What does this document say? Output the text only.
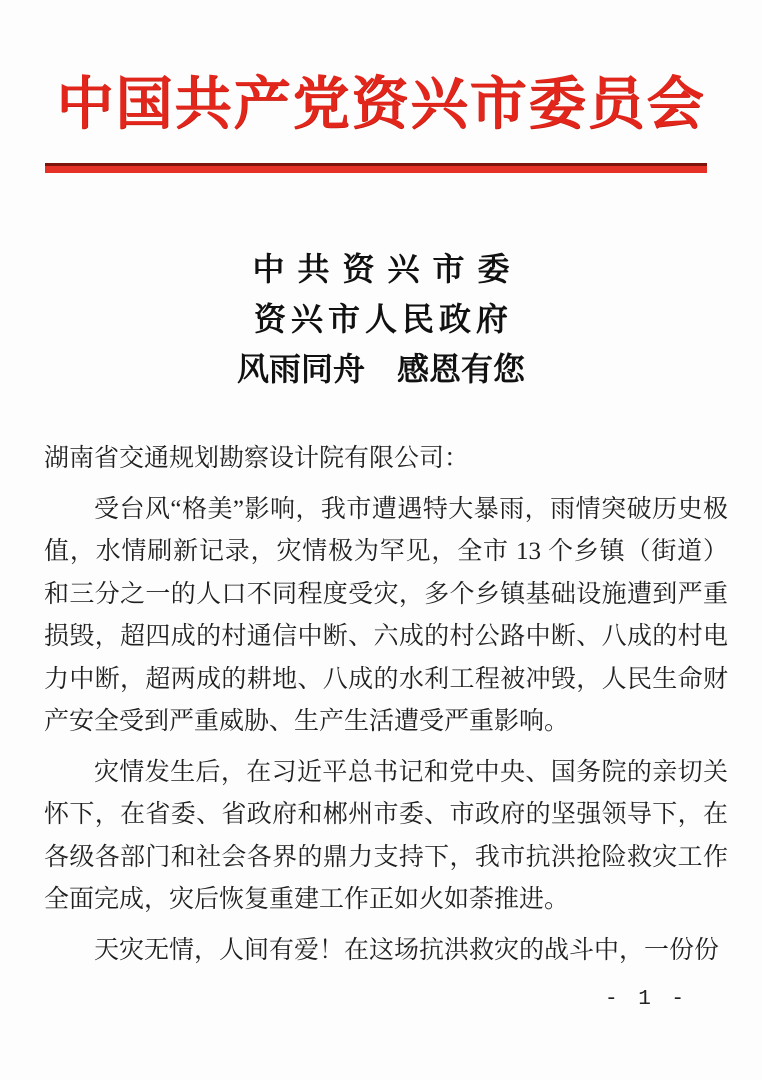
中国共产党资兴市委员会
中共资兴市委
资兴市人民政府
风雨同舟　感恩有您

湖南省交通规划勘察设计院有限公司：

受台风“格美”影响，我市遭遇特大暴雨，雨情突破历史极值，水情刷新记录，灾情极为罕见，全市 13 个乡镇（街道）和三分之一的人口不同程度受灾，多个乡镇基础设施遭到严重损毁，超四成的村通信中断、六成的村公路中断、八成的村电力中断，超两成的耕地、八成的水利工程被冲毁，人民生命财产安全受到严重威胁、生产生活遭受严重影响。

灾情发生后，在习近平总书记和党中央、国务院的亲切关怀下，在省委、省政府和郴州市委、市政府的坚强领导下，在各级各部门和社会各界的鼎力支持下，我市抗洪抢险救灾工作全面完成，灾后恢复重建工作正如火如荼推进。

天灾无情，人间有爱！在这场抗洪救灾的战斗中，一份份

- 1 -
